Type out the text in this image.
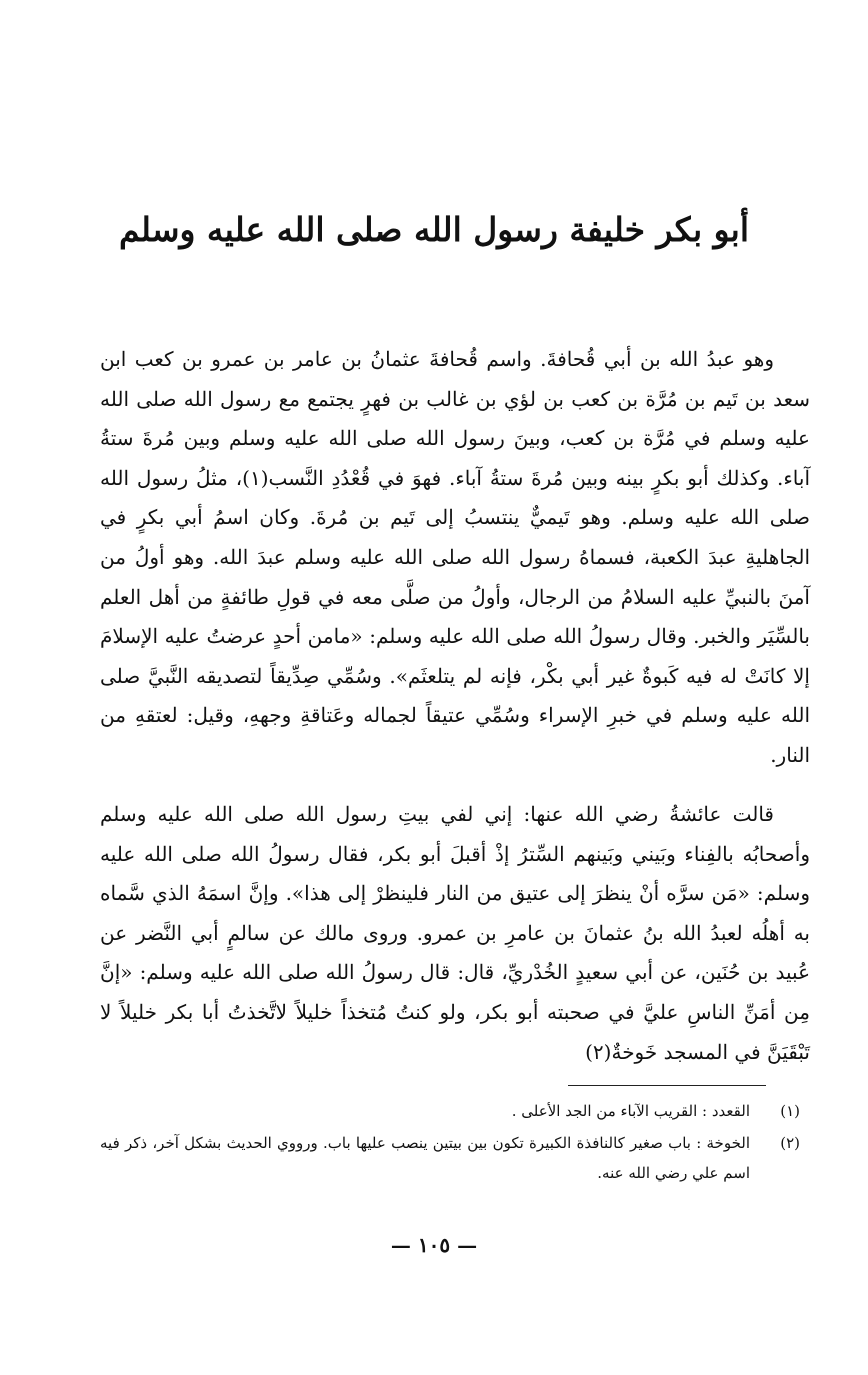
أبو بكر خليفة رسول الله صلى الله عليه وسلم

وهو عبدُ الله بن أبي قُحافةَ. واسم قُحافةَ عثمانُ بن عامر بن عمرو بن كعب ابن سعد بن تَيم بن مُرَّة بن كعب بن لؤي بن غالب بن فهرٍ يجتمع مع رسول الله صلى الله عليه وسلم في مُرَّة بن كعب، وبينَ رسول الله صلى الله عليه وسلم وبين مُرةَ ستةُ آباء. وكذلك أبو بكرٍ بينه وبين مُرةَ ستةُ آباء. فهوَ في قُعْدُدِ النَّسب(١)، مثلُ رسول الله صلى الله عليه وسلم. وهو تَيميٌّ ينتسبُ إلى تَيم بن مُرةَ. وكان اسمُ أبي بكرٍ في الجاهليةِ عبدَ الكعبة، فسماهُ رسول الله صلى الله عليه وسلم عبدَ الله. وهو أولُ من آمنَ بالنبيِّ عليه السلامُ من الرجال، وأولُ من صلَّى معه في قولِ طائفةٍ من أهل العلم بالسِّيَر والخبر. وقال رسولُ الله صلى الله عليه وسلم: «مامن أحدٍ عرضتُ عليه الإسلامَ إلا كانَتْ له فيه كَبوةٌ غير أبي بكْر، فإنه لم يتلعثَم». وسُمِّي صِدِّيقاً لتصديقه النَّبيَّ صلى الله عليه وسلم في خبرِ الإسراء وسُمِّي عتيقاً لجماله وعَتاقةِ وجههِ، وقيل: لعتقهِ من النار.

قالت عائشةُ رضي الله عنها: إني لفي بيتِ رسول الله صلى الله عليه وسلم وأصحابُه بالفِناء وبَيني وبَينهم السِّترُ إذْ أقبلَ أبو بكر، فقال رسولُ الله صلى الله عليه وسلم: «مَن سرَّه أنْ ينظرَ إلى عتيق من النار فلينظرْ إلى هذا». وإنَّ اسمَهُ الذي سَّماه به أهلُه لعبدُ الله بنُ عثمانَ بن عامرِ بن عمرو. وروى مالك عن سالمٍ أبي النَّضر عن عُبيد بن حُنَين، عن أبي سعيدٍ الخُدْريِّ، قال: قال رسولُ الله صلى الله عليه وسلم: «إنَّ مِن أمَنِّ الناسِ عليَّ في صحبته أبو بكر، ولو كنتُ مُتخذاً خليلاً لاتَّخذتُ أبا بكر خليلاً لا تَبْقَيَنَّ في المسجد خَوخةٌ(٢)

(١)
القعدد : القريب الآباء من الجد الأعلى .
(٢)
الخوخة : باب صغير كالنافذة الكبيرة تكون بين بيتين ينصب عليها باب. ورووي الحديث بشكل آخر، ذكر فيه اسم علي رضي الله عنه.
— ١٠٥ —
